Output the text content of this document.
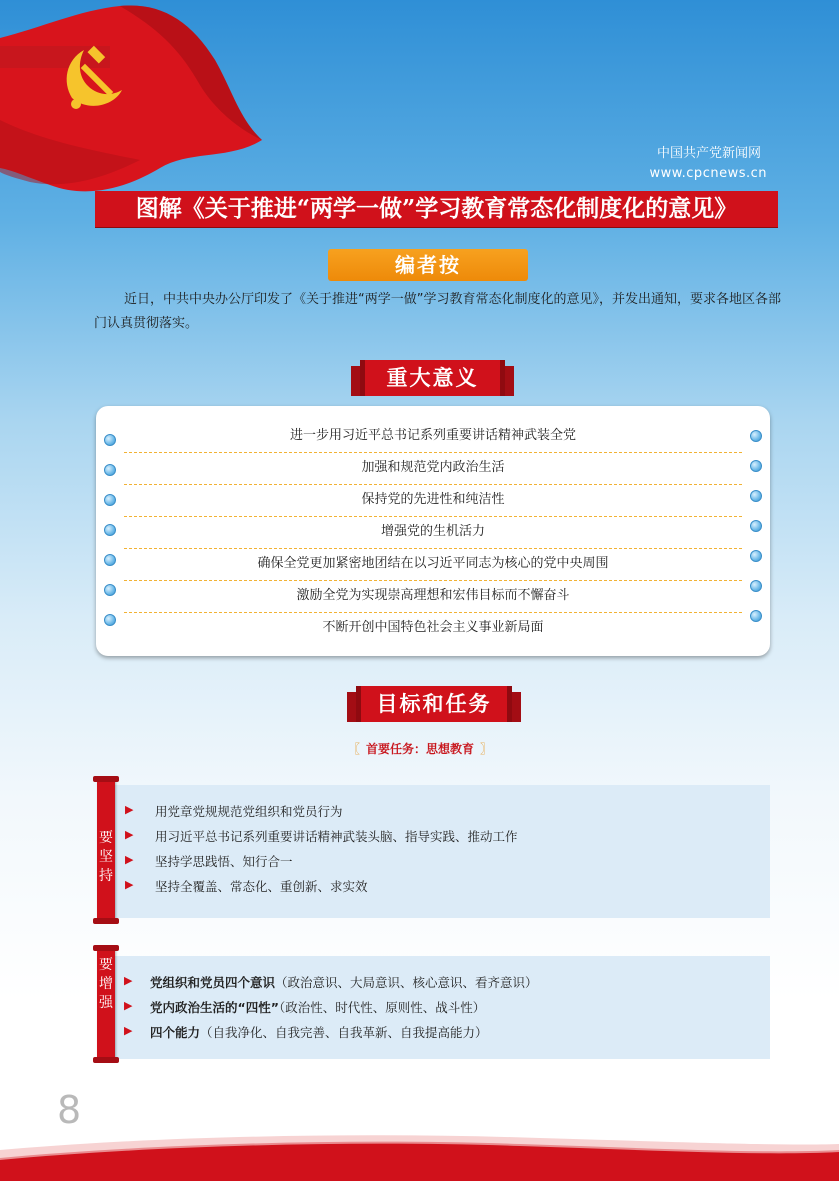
中国共产党新闻网
www.cpcnews.cn
图解《关于推进“两学一做”学习教育常态化制度化的意见》
编者按
近日，中共中央办公厅印发了《关于推进“两学一做”学习教育常态化制度化的意见》，并发出通知，要求各地区各部门认真贯彻落实。
重大意义
进一步用习近平总书记系列重要讲话精神武装全党
加强和规范党内政治生活
保持党的先进性和纯洁性
增强党的生机活力
确保全党更加紧密地团结在以习近平同志为核心的党中央周围
激励全党为实现崇高理想和宏伟目标而不懈奋斗
不断开创中国特色社会主义事业新局面
目标和任务
〖 首要任务：思想教育 〗
要
坚
持
▶ 用党章党规规范党组织和党员行为
▶ 用习近平总书记系列重要讲话精神武装头脑、指导实践、推动工作
▶ 坚持学思践悟、知行合一
▶ 坚持全覆盖、常态化、重创新、求实效
要
增
强
▶ 党组织和党员四个意识（政治意识、大局意识、核心意识、看齐意识）
▶ 党内政治生活的“四性”（政治性、时代性、原则性、战斗性）
▶ 四个能力（自我净化、自我完善、自我革新、自我提高能力）
8
